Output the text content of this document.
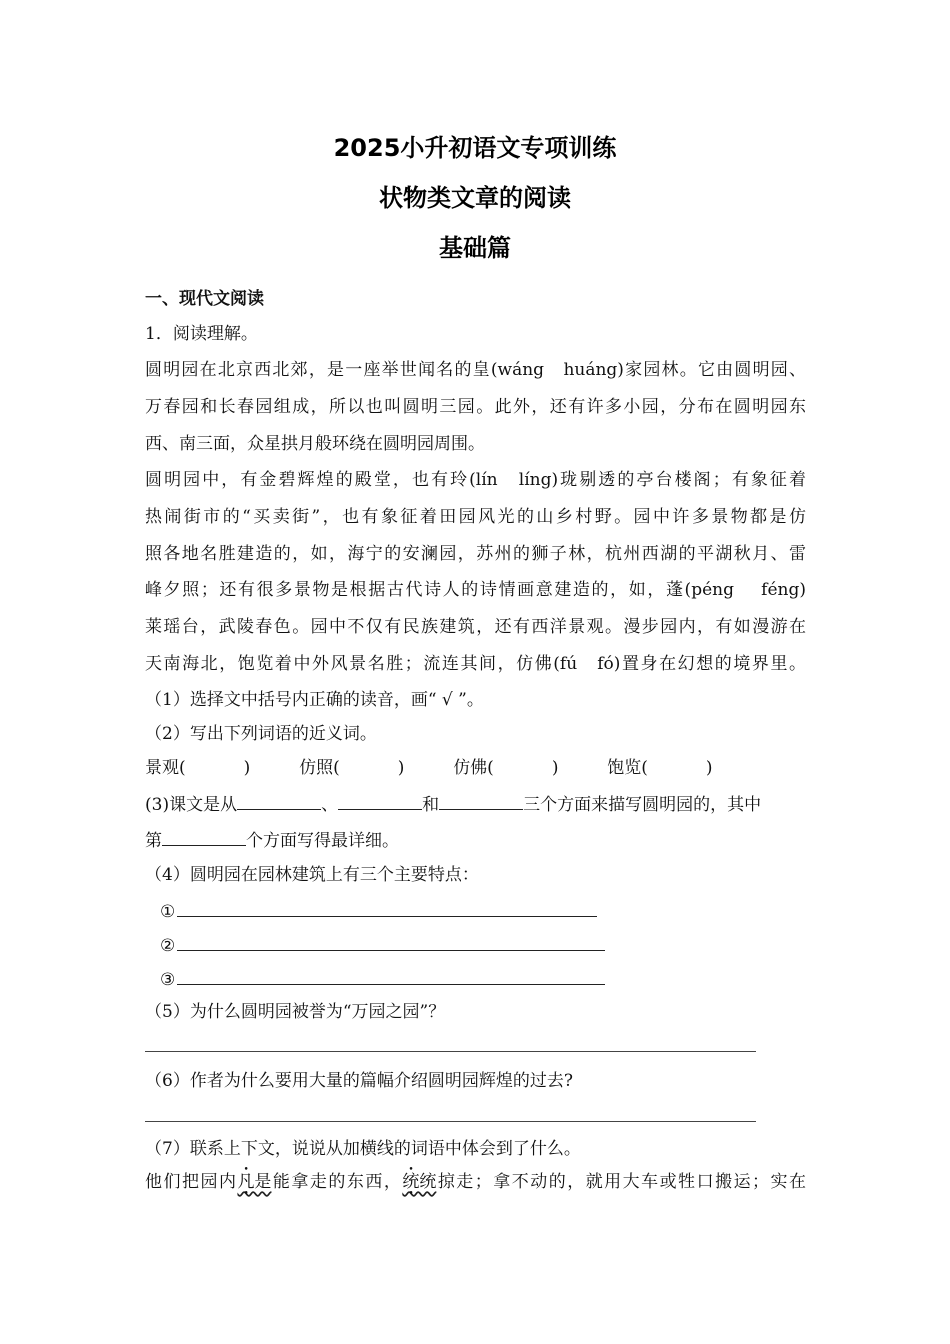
2025小升初语文专项训练
状物类文章的阅读
基础篇
一、现代文阅读
1．阅读理解。
圆明园在北京西北郊，是一座举世闻名的皇(wáng　huáng)家园林。它由圆明园、
万春园和长春园组成，所以也叫圆明三园。此外，还有许多小园，分布在圆明园东
西、南三面，众星拱月般环绕在圆明园周围。
圆明园中，有金碧辉煌的殿堂，也有玲(lín　líng)珑剔透的亭台楼阁；有象征着
热闹街市的“买卖街”，也有象征着田园风光的山乡村野。园中许多景物都是仿
照各地名胜建造的，如，海宁的安澜园，苏州的狮子林，杭州西湖的平湖秋月、雷
峰夕照；还有很多景物是根据古代诗人的诗情画意建造的，如，蓬(péng　 féng)
莱瑶台，武陵春色。园中不仅有民族建筑，还有西洋景观。漫步园内，有如漫游在
天南海北，饱览着中外风景名胜；流连其间，仿佛(fú　fó)置身在幻想的境界里。
（1）选择文中括号内正确的读音，画“ √ ”。
（2）写出下列词语的近义词。
景观(	)	仿照(	)	仿佛(	)	饱览(	)
(3)课文是从	、	和	三个方面来描写圆明园的，其中
第	个方面写得最详细。
（4）圆明园在园林建筑上有三个主要特点：
①
②
③
（5）为什么圆明园被誉为“万园之园”？
（6）作者为什么要用大量的篇幅介绍圆明园辉煌的过去?
（7）联系上下文，说说从加横线的词语中体会到了什么。
他们把园内凡是 • •能拿走的东西，统统 • •掠走；拿不动的，就用大车或牲口搬运；实在
